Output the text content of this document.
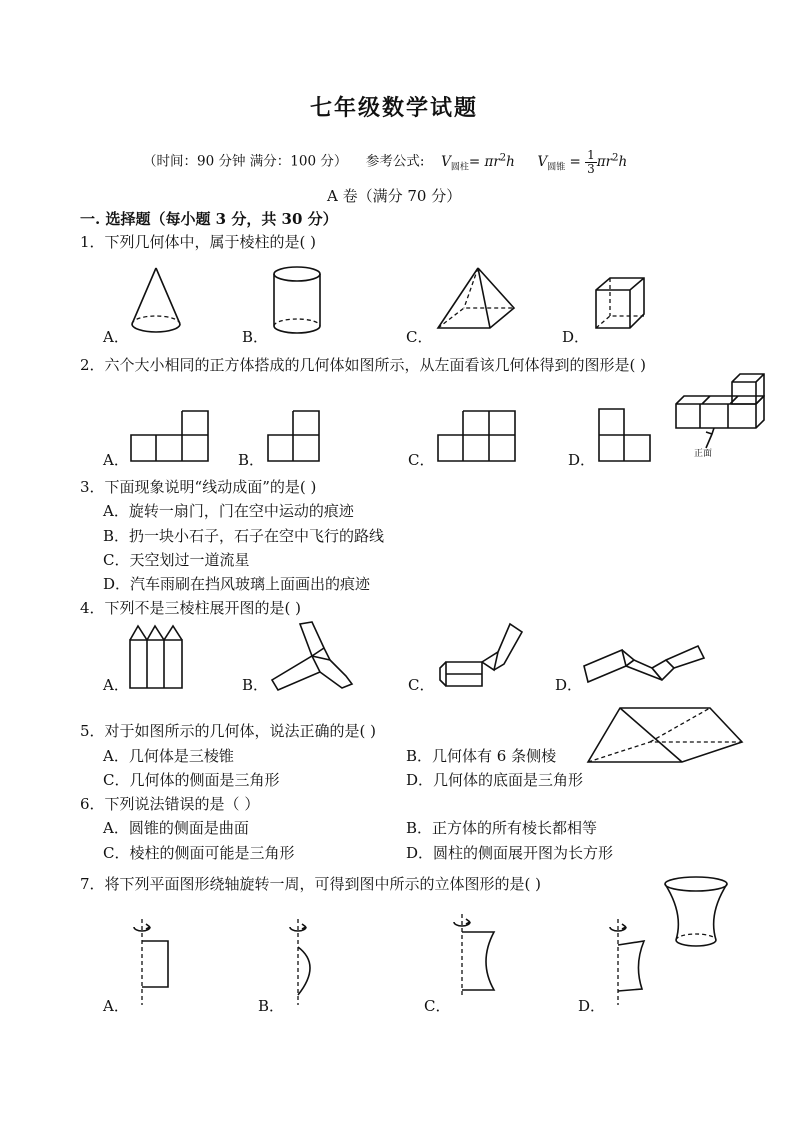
七年级数学试题
（时间：90 分钟 满分：100 分） 参考公式: $V_{圆柱}= \pi r^2h$ $V_{圆锥} = \frac{1}{3} \pi r^2h$
A 卷（满分 70 分）
一. 选择题（每小题 3 分，共 30 分）
1．下列几何体中，属于棱柱的是( )
A．	B．	C．	D．
2．六个大小相同的正方体搭成的几何体如图所示，从左面看该几何体得到的图形是( )
A．	B．	C．	D．	正面
3．下面现象说明“线动成面”的是( )
A．旋转一扇门，门在空中运动的痕迹
B．扔一块小石子，石子在空中飞行的路线
C．天空划过一道流星
D．汽车雨刷在挡风玻璃上面画出的痕迹
4．下列不是三棱柱展开图的是( )
A．	B．	C．	D．
5．对于如图所示的几何体，说法正确的是( )
A．几何体是三棱锥	B．几何体有 6 条侧棱
C．几何体的侧面是三角形	D．几何体的底面是三角形
6．下列说法错误的是（ ）
A．圆锥的侧面是曲面	B．正方体的所有棱长都相等
C．棱柱的侧面可能是三角形	D．圆柱的侧面展开图为长方形
7．将下列平面图形绕轴旋转一周，可得到图中所示的立体图形的是( )
A．	B．	C．	D．
